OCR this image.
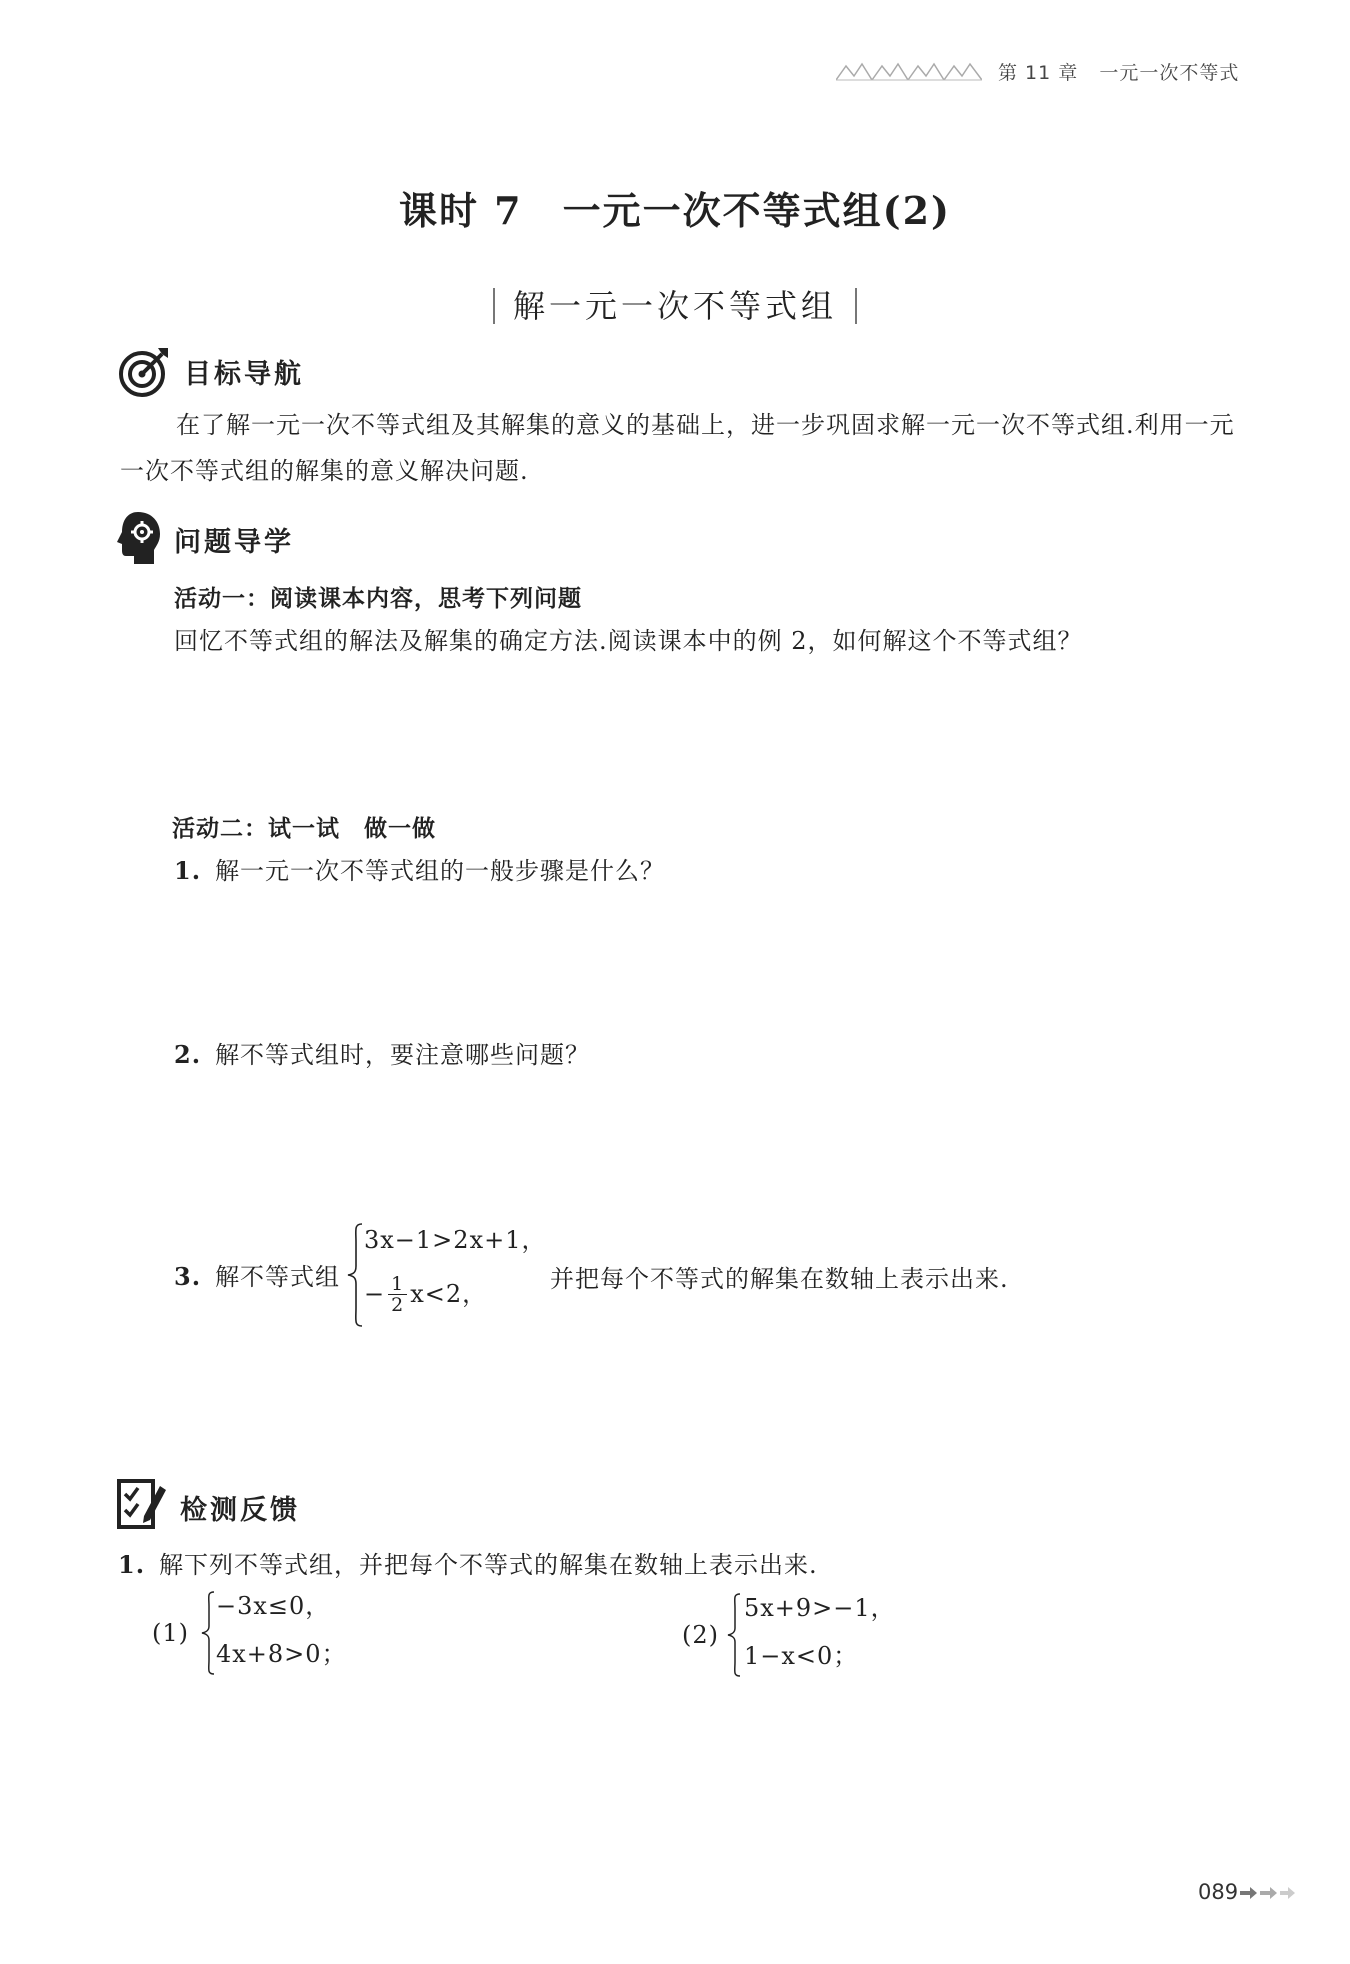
第 11 章 一元一次不等式
课时 7　一元一次不等式组(2)
解一元一次不等式组
目标导航
在了解一元一次不等式组及其解集的意义的基础上，进一步巩固求解一元一次不等式组.利用一元一次不等式组的解集的意义解决问题.
问题导学
活动一：阅读课本内容，思考下列问题
回忆不等式组的解法及解集的确定方法.阅读课本中的例 2，如何解这个不等式组？
活动二：试一试　做一做
1. 解一元一次不等式组的一般步骤是什么？
2. 解不等式组时，要注意哪些问题？
3. 解不等式组
3x−1>2x+1，
− $\frac{1}{2} x<2$，
并把每个不等式的解集在数轴上表示出来.
检测反馈
1. 解下列不等式组，并把每个不等式的解集在数轴上表示出来.
(1)
−3x≤0，
4x+8>0；
(2)
5x+9>−1，
1−x<0；
089
